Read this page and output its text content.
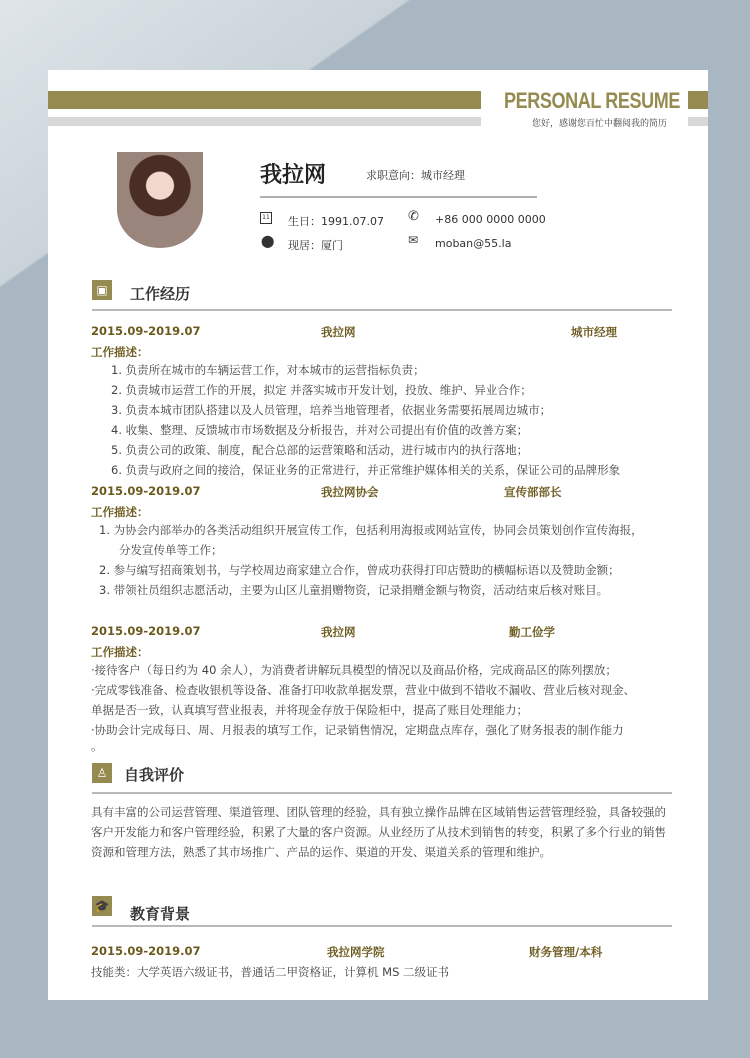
PERSONAL RESUME
您好，感谢您百忙中翻阅我的简历
我拉网	求职意向：城市经理
11 生日：1991.07.07 ✆ +86 000 0000 0000
⬤ 现居：厦门	✉ moban@55.la
▣ 工作经历
2015.09-2019.07	我拉网	城市经理
工作描述：
1. 负责所在城市的车辆运营工作，对本城市的运营指标负责；
2. 负责城市运营工作的开展，拟定 并落实城市开发计划，投放、维护、异业合作；
3. 负责本城市团队搭建以及人员管理，培养当地管理者，依据业务需要拓展周边城市；
4. 收集、整理、反馈城市市场数据及分析报告，并对公司提出有价值的改善方案；
5. 负责公司的政策、制度，配合总部的运营策略和活动，进行城市内的执行落地；
6. 负责与政府之间的接洽，保证业务的正常进行，并正常维护媒体相关的关系，保证公司的品牌形象
2015.09-2019.07	我拉网协会	宣传部部长
工作描述：
1. 为协会内部举办的各类活动组织开展宣传工作，包括利用海报或网站宣传，协同会员策划创作宣传海报，
分发宣传单等工作；
2. 参与编写招商策划书，与学校周边商家建立合作，曾成功获得打印店赞助的横幅标语以及赞助金额；
3. 带领社员组织志愿活动，主要为山区儿童捐赠物资，记录捐赠金额与物资，活动结束后核对账目。
2015.09-2019.07	我拉网	勤工俭学
工作描述：
·接待客户（每日约为 40 余人），为消费者讲解玩具模型的情况以及商品价格，完成商品区的陈列摆放；
·完成零钱准备、检查收银机等设备、准备打印收款单据发票，营业中做到不错收不漏收、营业后核对现金、
单据是否一致，认真填写营业报表，并将现金存放于保险柜中，提高了账目处理能力；
·协助会计完成每日、周、月报表的填写工作，记录销售情况，定期盘点库存，强化了财务报表的制作能力
。
♙	自我评价
具有丰富的公司运营管理、渠道管理、团队管理的经验，具有独立操作品牌在区域销售运营管理经验，具备较强的客户开发能力和客户管理经验，积累了大量的客户资源。从业经历了从技术到销售的转变，积累了多个行业的销售资源和管理方法，熟悉了其市场推广、产品的运作、渠道的开发、渠道关系的管理和维护。
🎓 教育背景
2015.09-2019.07	我拉网学院	财务管理/本科
技能类：大学英语六级证书，普通话二甲资格证，计算机 MS 二级证书
